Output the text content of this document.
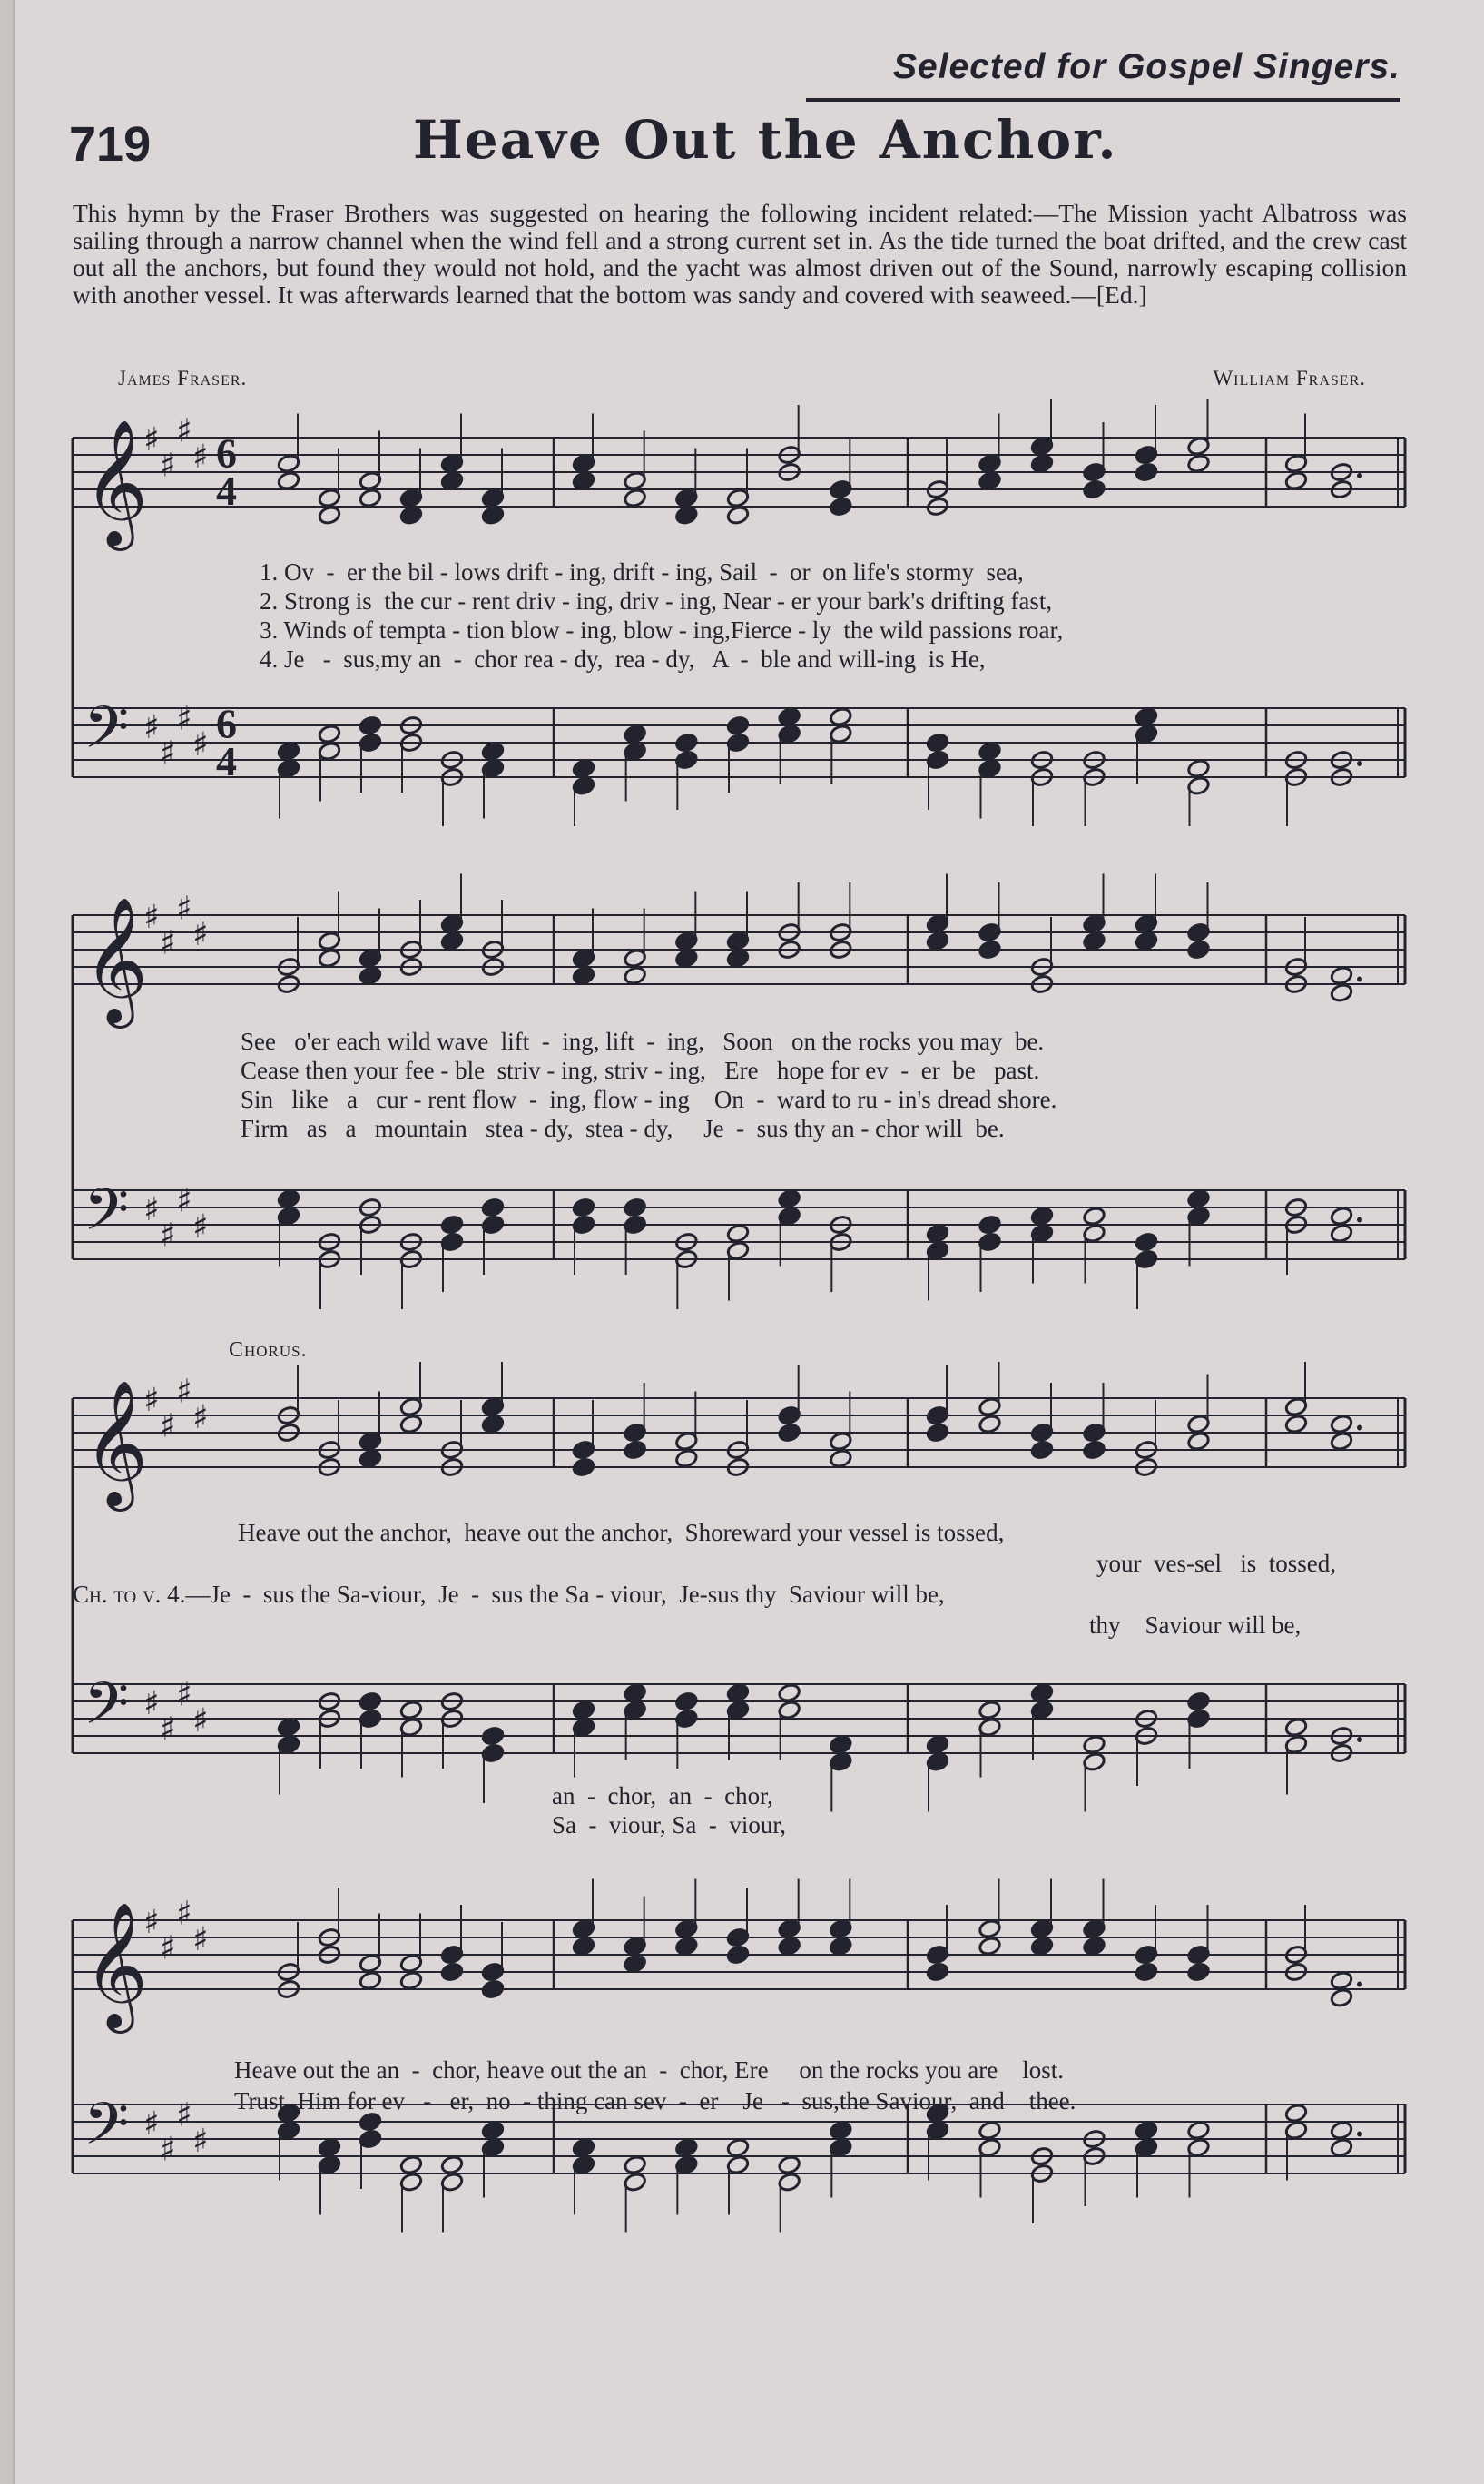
Selected for Gospel Singers.
719	Heave Out the Anchor.

This hymn by the Fraser Brothers was suggested on hearing the following incident related:—The Mission yacht Albatross was sailing through a narrow channel when the wind fell and a strong current set in. As the tide turned the boat drifted, and the crew cast out all the anchors, but found they would not hold, and the yacht was almost driven out of the Sound, narrowly escaping collision with another vessel. It was afterwards learned that the bottom was sandy and covered with seaweed.—[Ed.]

James Fraser.	William Fraser.
𝄞
♯
♯
♯
♯ 6
4
𝄢 ♯
♯
♯
♯ 6
4
1. Ov  -  er the bil - lows drift - ing, drift - ing, Sail  -  or  on life's stormy  sea,
2. Strong is  the cur - rent driv - ing, driv - ing, Near - er your bark's drifting fast,
3. Winds of tempta - tion blow - ing, blow - ing,Fierce - ly  the wild passions roar,
4. Je   -  sus,my an  -  chor rea - dy,  rea - dy,   A  -  ble and will-ing  is He,
𝄞
♯
♯
♯
♯
𝄢 ♯
♯
♯
♯
See   o'er each wild wave  lift  -  ing, lift  -  ing,   Soon   on the rocks you may  be.
Cease then your fee - ble  striv - ing, striv - ing,   Ere   hope for ev  -  er  be   past.
Sin   like   a   cur - rent flow  -  ing, flow - ing    On  -  ward to ru - in's dread shore.
Firm   as   a   mountain   stea - dy,  stea - dy,     Je  -  sus thy an - chor will  be.
Chorus.
𝄞
♯
♯
♯
♯
𝄢 ♯
♯
♯
♯
Heave out the anchor,  heave out the anchor,  Shoreward your vessel is tossed,
your  ves-sel   is  tossed,
Ch. to v. 4.—Je  -  sus the Sa-viour,  Je  -  sus the Sa - viour,  Je-sus thy  Saviour will be,
thy    Saviour will be,
an  -  chor,  an  -  chor,
Sa  -  viour, Sa  -  viour,
𝄞
♯
♯
♯
♯
𝄢 ♯
♯
♯
♯
Heave out the an  -  chor, heave out the an  -  chor, Ere     on the rocks you are    lost.
Trust  Him for ev   -   er,  no  - thing can sev  -  er    Je   -  sus,the Saviour,  and    thee.
